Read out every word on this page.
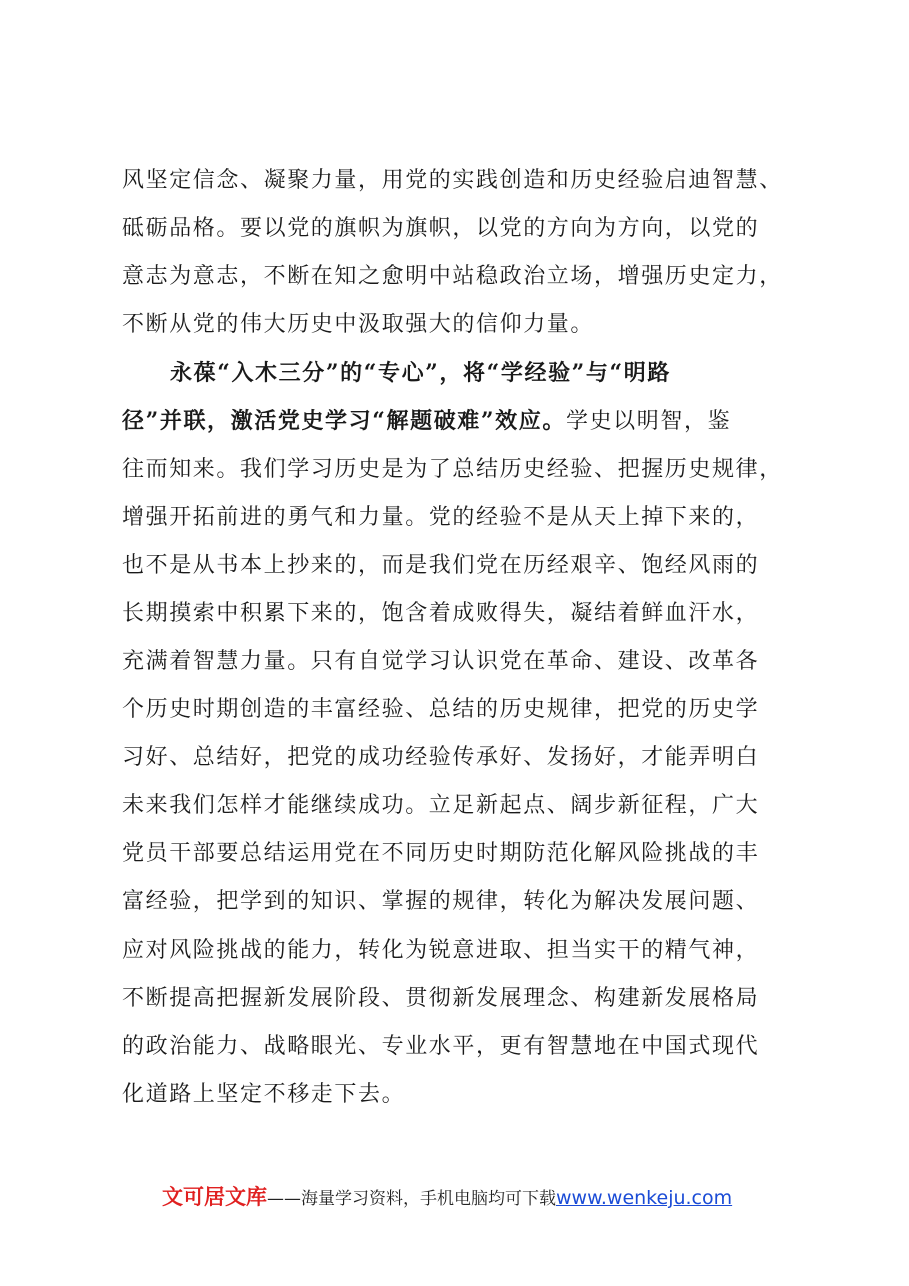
风坚定信念、凝聚力量，用党的实践创造和历史经验启迪智慧、
砥砺品格。要以党的旗帜为旗帜，以党的方向为方向，以党的
意志为意志，不断在知之愈明中站稳政治立场，增强历史定力，
不断从党的伟大历史中汲取强大的信仰力量。
永葆“入木三分”的“专心”，将“学经验”与“明路
径”并联，激活党史学习“解题破难”效应。学史以明智，鉴
往而知来。我们学习历史是为了总结历史经验、把握历史规律，
增强开拓前进的勇气和力量。党的经验不是从天上掉下来的，
也不是从书本上抄来的，而是我们党在历经艰辛、饱经风雨的
长期摸索中积累下来的，饱含着成败得失，凝结着鲜血汗水，
充满着智慧力量。只有自觉学习认识党在革命、建设、改革各
个历史时期创造的丰富经验、总结的历史规律，把党的历史学
习好、总结好，把党的成功经验传承好、发扬好，才能弄明白
未来我们怎样才能继续成功。立足新起点、阔步新征程，广大
党员干部要总结运用党在不同历史时期防范化解风险挑战的丰
富经验，把学到的知识、掌握的规律，转化为解决发展问题、
应对风险挑战的能力，转化为锐意进取、担当实干的精气神，
不断提高把握新发展阶段、贯彻新发展理念、构建新发展格局
的政治能力、战略眼光、专业水平，更有智慧地在中国式现代
化道路上坚定不移走下去。
文可居文库——海量学习资料，手机电脑均可下载www.wenkeju.com
